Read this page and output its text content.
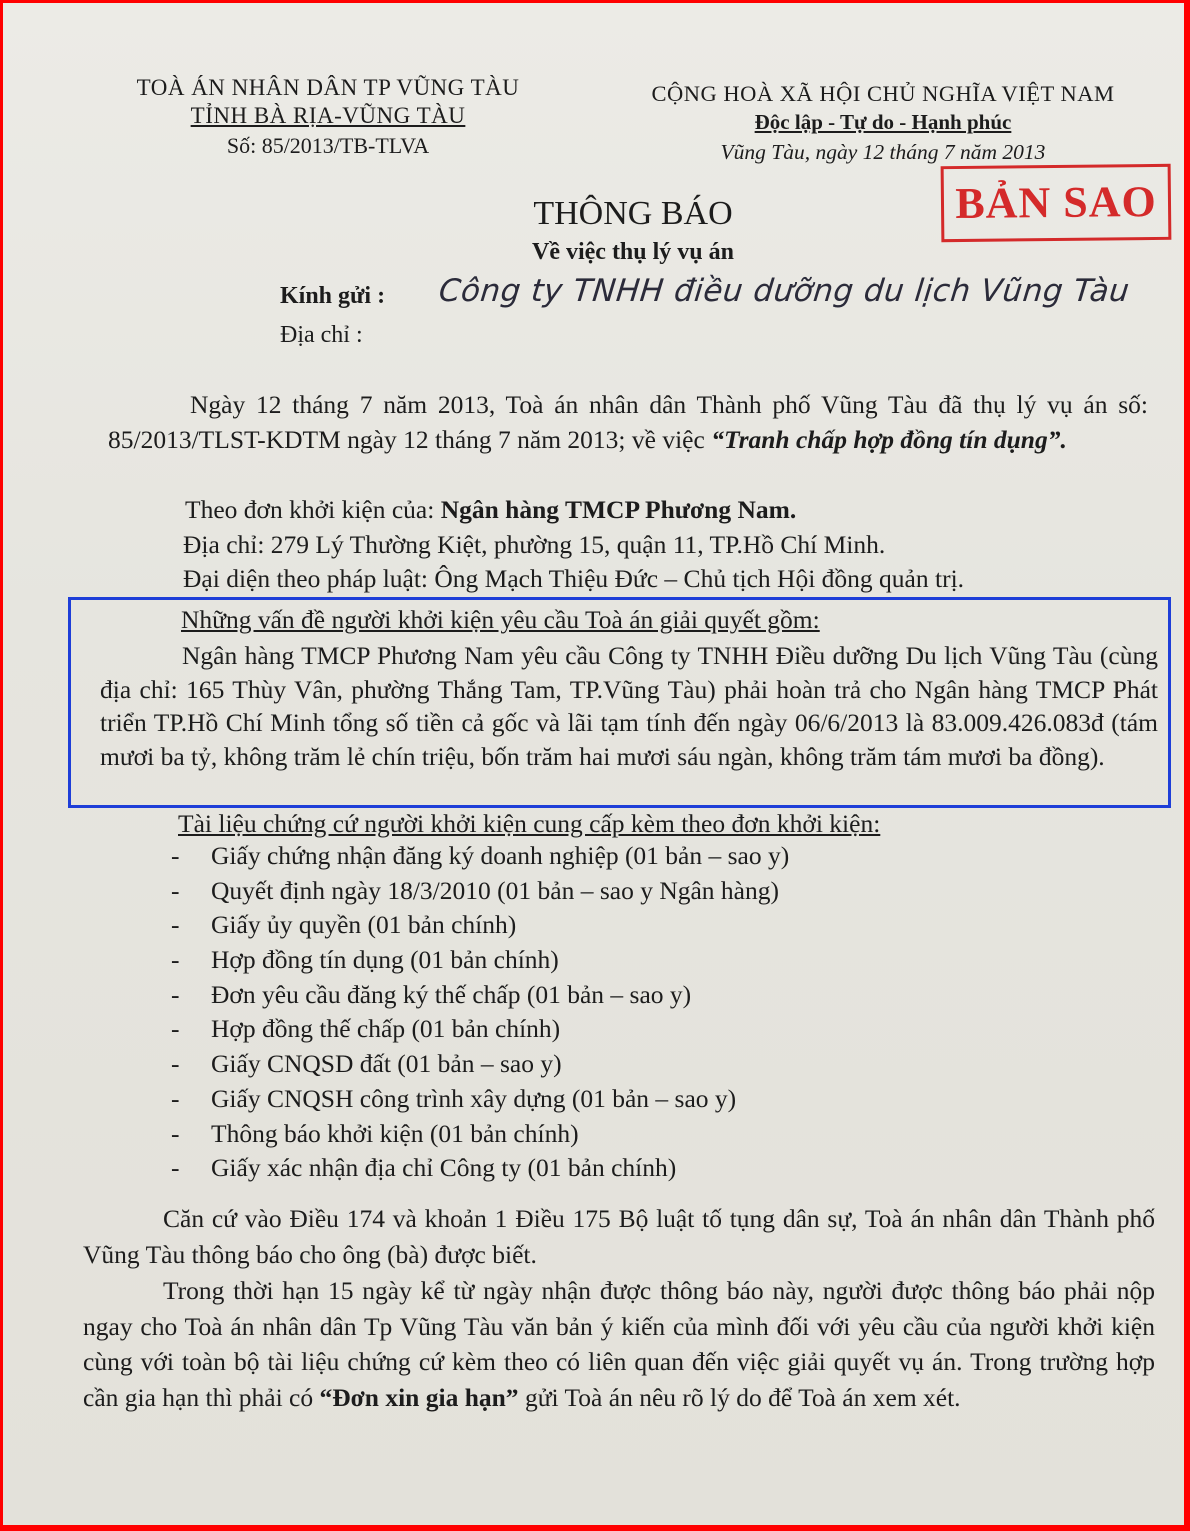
TOÀ ÁN NHÂN DÂN TP VŨNG TÀU
TỈNH BÀ RỊA-VŨNG TÀU
Số: 85/2013/TB-TLVA
CỘNG HOÀ XÃ HỘI CHỦ NGHĨA VIỆT NAM
Độc lập - Tự do - Hạnh phúc
Vũng Tàu, ngày 12 tháng 7 năm 2013
BẢN SAO
THÔNG BÁO
Về việc thụ lý vụ án
Kính gửi : Công ty TNHH điều dưỡng du lịch Vũng Tàu
Địa chỉ :
Ngày 12 tháng 7 năm 2013, Toà án nhân dân Thành phố Vũng Tàu đã thụ lý vụ án số: 85/2013/TLST-KDTM ngày 12 tháng 7 năm 2013; về việc “Tranh chấp hợp đồng tín dụng”.
Theo đơn khởi kiện của: Ngân hàng TMCP Phương Nam.
Địa chỉ: 279 Lý Thường Kiệt, phường 15, quận 11, TP.Hồ Chí Minh.
Đại diện theo pháp luật: Ông Mạch Thiệu Đức – Chủ tịch Hội đồng quản trị.
Những vấn đề người khởi kiện yêu cầu Toà án giải quyết gồm:
Ngân hàng TMCP Phương Nam yêu cầu Công ty TNHH Điều dưỡng Du lịch Vũng Tàu (cùng địa chỉ: 165 Thùy Vân, phường Thắng Tam, TP.Vũng Tàu) phải hoàn trả cho Ngân hàng TMCP Phát triển TP.Hồ Chí Minh tổng số tiền cả gốc và lãi tạm tính đến ngày 06/6/2013 là 83.009.426.083đ (tám mươi ba tỷ, không trăm lẻ chín triệu, bốn trăm hai mươi sáu ngàn, không trăm tám mươi ba đồng).
Tài liệu chứng cứ người khởi kiện cung cấp kèm theo đơn khởi kiện:
-	Giấy chứng nhận đăng ký doanh nghiệp (01 bản – sao y)
-	Quyết định ngày 18/3/2010 (01 bản – sao y Ngân hàng)
-	Giấy ủy quyền (01 bản chính)
-	Hợp đồng tín dụng (01 bản chính)
-	Đơn yêu cầu đăng ký thế chấp (01 bản – sao y)
-	Hợp đồng thế chấp (01 bản chính)
-	Giấy CNQSD đất (01 bản – sao y)
-	Giấy CNQSH công trình xây dựng (01 bản – sao y)
-	Thông báo khởi kiện (01 bản chính)
-	Giấy xác nhận địa chỉ Công ty (01 bản chính)
Căn cứ vào Điều 174 và khoản 1 Điều 175 Bộ luật tố tụng dân sự, Toà án nhân dân Thành phố Vũng Tàu thông báo cho ông (bà) được biết.
Trong thời hạn 15 ngày kể từ ngày nhận được thông báo này, người được thông báo phải nộp ngay cho Toà án nhân dân Tp Vũng Tàu văn bản ý kiến của mình đối với yêu cầu của người khởi kiện cùng với toàn bộ tài liệu chứng cứ kèm theo có liên quan đến việc giải quyết vụ án. Trong trường hợp cần gia hạn thì phải có “Đơn xin gia hạn” gửi Toà án nêu rõ lý do để Toà án xem xét.
